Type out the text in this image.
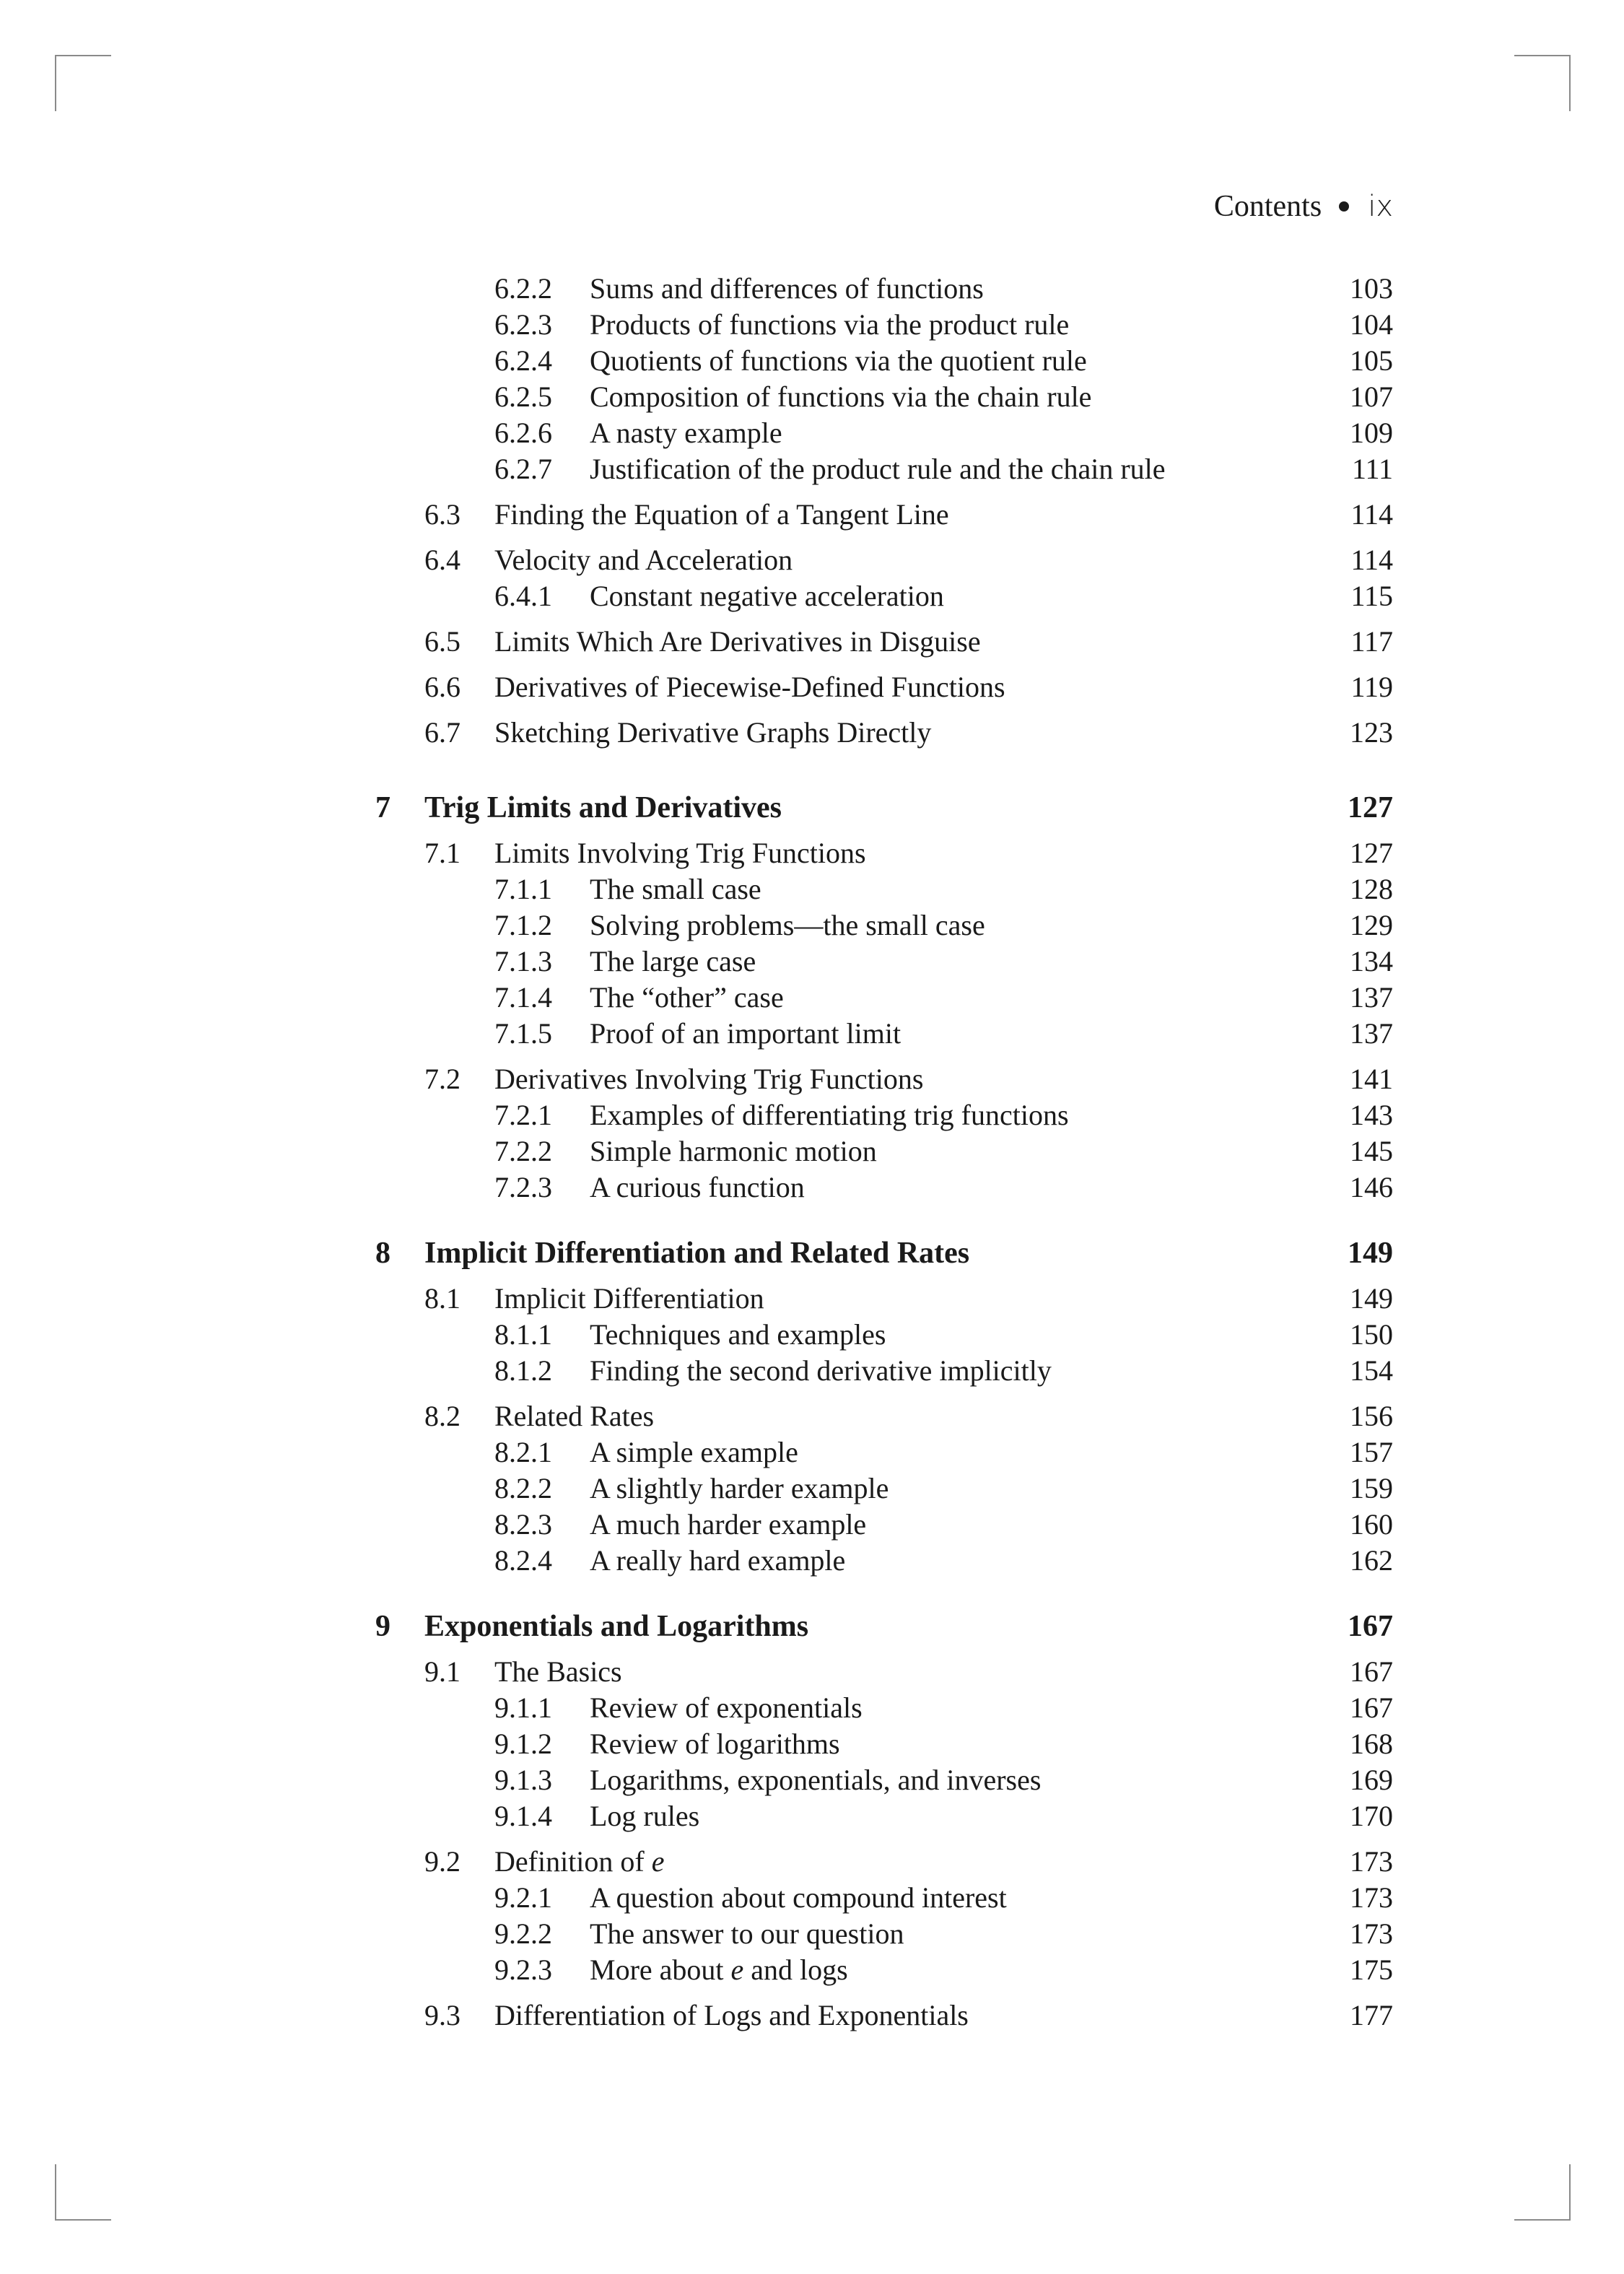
Contents ix
6.2.2 Sums and differences of functions	103
6.2.3 Products of functions via the product rule	104
6.2.4 Quotients of functions via the quotient rule	105
6.2.5 Composition of functions via the chain rule	107
6.2.6 A nasty example	109
6.2.7 Justification of the product rule and the chain rule	111
6.3 Finding the Equation of a Tangent Line	114
6.4 Velocity and Acceleration	114
6.4.1 Constant negative acceleration	115
6.5 Limits Which Are Derivatives in Disguise	117
6.6 Derivatives of Piecewise-Defined Functions	119
6.7 Sketching Derivative Graphs Directly	123
7 Trig Limits and Derivatives	127
7.1 Limits Involving Trig Functions	127
7.1.1 The small case	128
7.1.2 Solving problems—the small case	129
7.1.3 The large case	134
7.1.4 The “other” case	137
7.1.5 Proof of an important limit	137
7.2 Derivatives Involving Trig Functions	141
7.2.1 Examples of differentiating trig functions	143
7.2.2 Simple harmonic motion	145
7.2.3 A curious function	146
8 Implicit Differentiation and Related Rates	149
8.1 Implicit Differentiation	149
8.1.1 Techniques and examples	150
8.1.2 Finding the second derivative implicitly	154
8.2 Related Rates	156
8.2.1 A simple example	157
8.2.2 A slightly harder example	159
8.2.3 A much harder example	160
8.2.4 A really hard example	162
9 Exponentials and Logarithms	167
9.1 The Basics	167
9.1.1 Review of exponentials	167
9.1.2 Review of logarithms	168
9.1.3 Logarithms, exponentials, and inverses	169
9.1.4 Log rules	170
9.2 Definition of e	173
9.2.1 A question about compound interest	173
9.2.2 The answer to our question	173
9.2.3 More about e and logs	175
9.3 Differentiation of Logs and Exponentials	177
